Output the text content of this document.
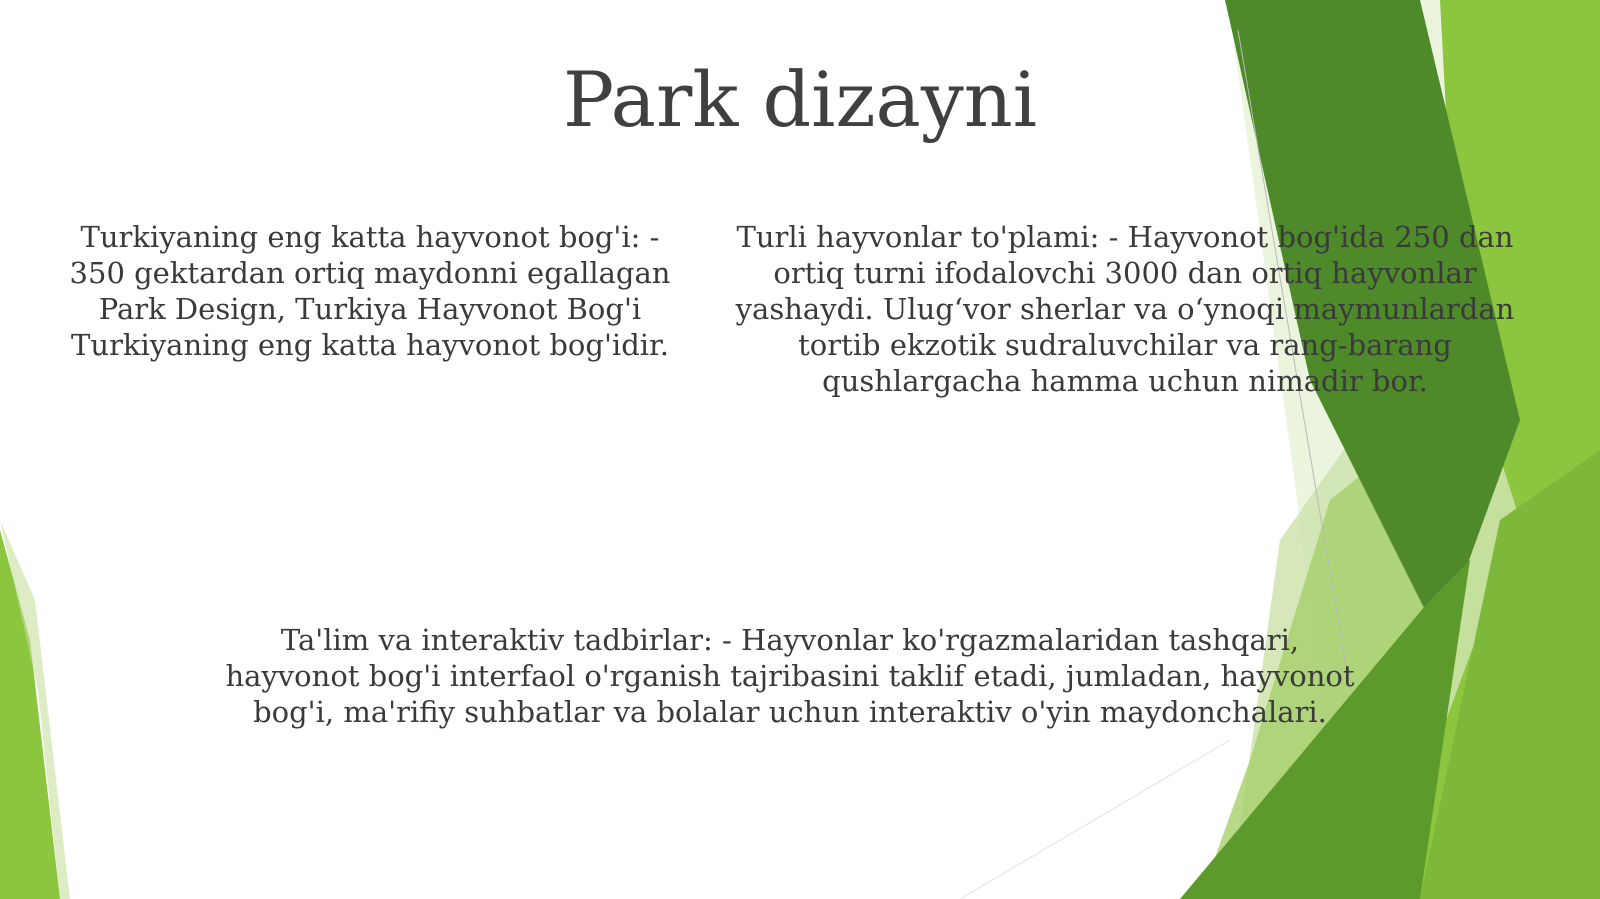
Park dizayni
Turkiyaning eng katta hayvonot bog'i: - 350 gektardan ortiq maydonni egallagan Park Design, Turkiya Hayvonot Bog'i Turkiyaning eng katta hayvonot bog'idir.
Turli hayvonlar to'plami: - Hayvonot bog'ida 250 dan ortiq turni ifodalovchi 3000 dan ortiq hayvonlar yashaydi. Ulug‘vor sherlar va o‘ynoqi maymunlardan tortib ekzotik sudraluvchilar va rang-barang qushlargacha hamma uchun nimadir bor.
Ta'lim va interaktiv tadbirlar: - Hayvonlar ko'rgazmalaridan tashqari, hayvonot bog'i interfaol o'rganish tajribasini taklif etadi, jumladan, hayvonot bog'i, ma'rifiy suhbatlar va bolalar uchun interaktiv o'yin maydonchalari.
